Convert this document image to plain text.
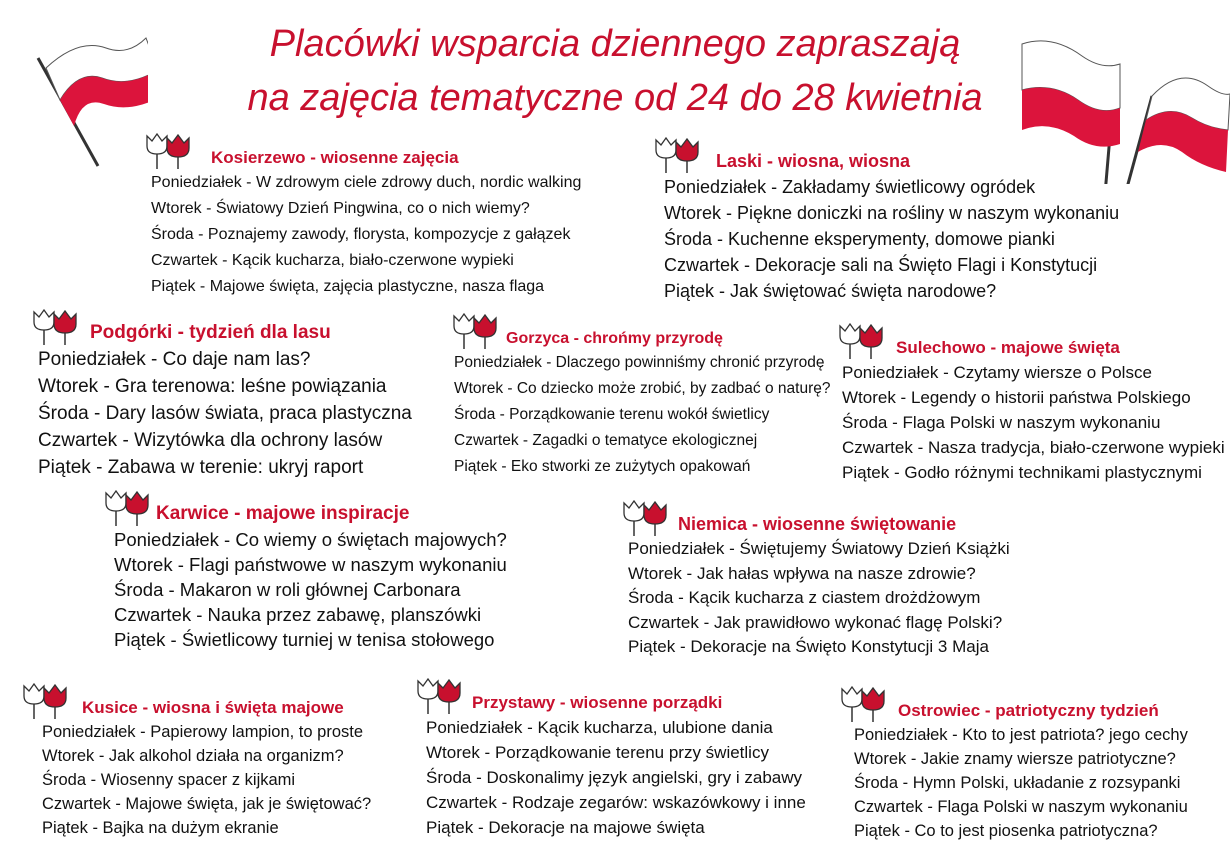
Placówki wsparcia dziennego zapraszają
na zajęcia tematyczne od 24 do 28 kwietnia
Kosierzewo - wiosenne zajęcia
Poniedziałek - W zdrowym ciele zdrowy duch, nordic walking
Wtorek - Światowy Dzień Pingwina, co o nich wiemy?
Środa - Poznajemy zawody, florysta, kompozycje z gałązek
Czwartek - Kącik kucharza, biało-czerwone wypieki
Piątek - Majowe święta, zajęcia plastyczne, nasza flaga
Laski - wiosna, wiosna
Poniedziałek - Zakładamy świetlicowy ogródek
Wtorek - Piękne doniczki na rośliny w naszym wykonaniu
Środa - Kuchenne eksperymenty, domowe pianki
Czwartek - Dekoracje sali na Święto Flagi i Konstytucji
Piątek - Jak świętować święta narodowe?
Podgórki - tydzień dla lasu
Poniedziałek - Co daje nam las?
Wtorek - Gra terenowa: leśne powiązania
Środa - Dary lasów świata, praca plastyczna
Czwartek - Wizytówka dla ochrony lasów
Piątek - Zabawa w terenie: ukryj raport
Gorzyca - chrońmy przyrodę
Poniedziałek - Dlaczego powinniśmy chronić przyrodę
Wtorek - Co dziecko może zrobić, by zadbać o naturę?
Środa - Porządkowanie terenu wokół świetlicy
Czwartek - Zagadki o tematyce ekologicznej
Piątek - Eko stworki ze zużytych opakowań
Sulechowo - majowe święta
Poniedziałek - Czytamy wiersze o Polsce
Wtorek - Legendy o historii państwa Polskiego
Środa - Flaga Polski w naszym wykonaniu
Czwartek - Nasza tradycja, biało-czerwone wypieki
Piątek - Godło różnymi technikami plastycznymi
Karwice - majowe inspiracje
Poniedziałek - Co wiemy o świętach majowych?
Wtorek - Flagi państwowe w naszym wykonaniu
Środa - Makaron w roli głównej Carbonara
Czwartek - Nauka przez zabawę, planszówki
Piątek - Świetlicowy turniej w tenisa stołowego
Niemica - wiosenne świętowanie
Poniedziałek - Świętujemy Światowy Dzień Książki
Wtorek - Jak hałas wpływa na nasze zdrowie?
Środa - Kącik kucharza z ciastem drożdżowym
Czwartek - Jak prawidłowo wykonać flagę Polski?
Piątek - Dekoracje na Święto Konstytucji 3 Maja
Kusice - wiosna i święta majowe
Poniedziałek - Papierowy lampion, to proste
Wtorek - Jak alkohol działa na organizm?
Środa - Wiosenny spacer z kijkami
Czwartek - Majowe święta, jak je świętować?
Piątek - Bajka na dużym ekranie
Przystawy - wiosenne porządki
Poniedziałek - Kącik kucharza, ulubione dania
Wtorek - Porządkowanie terenu przy świetlicy
Środa - Doskonalimy język angielski, gry i zabawy
Czwartek - Rodzaje zegarów: wskazówkowy i inne
Piątek - Dekoracje na majowe święta
Ostrowiec - patriotyczny tydzień
Poniedziałek - Kto to jest patriota? jego cechy
Wtorek - Jakie znamy wiersze patriotyczne?
Środa - Hymn Polski, układanie z rozsypanki
Czwartek - Flaga Polski w naszym wykonaniu
Piątek - Co to jest piosenka patriotyczna?
